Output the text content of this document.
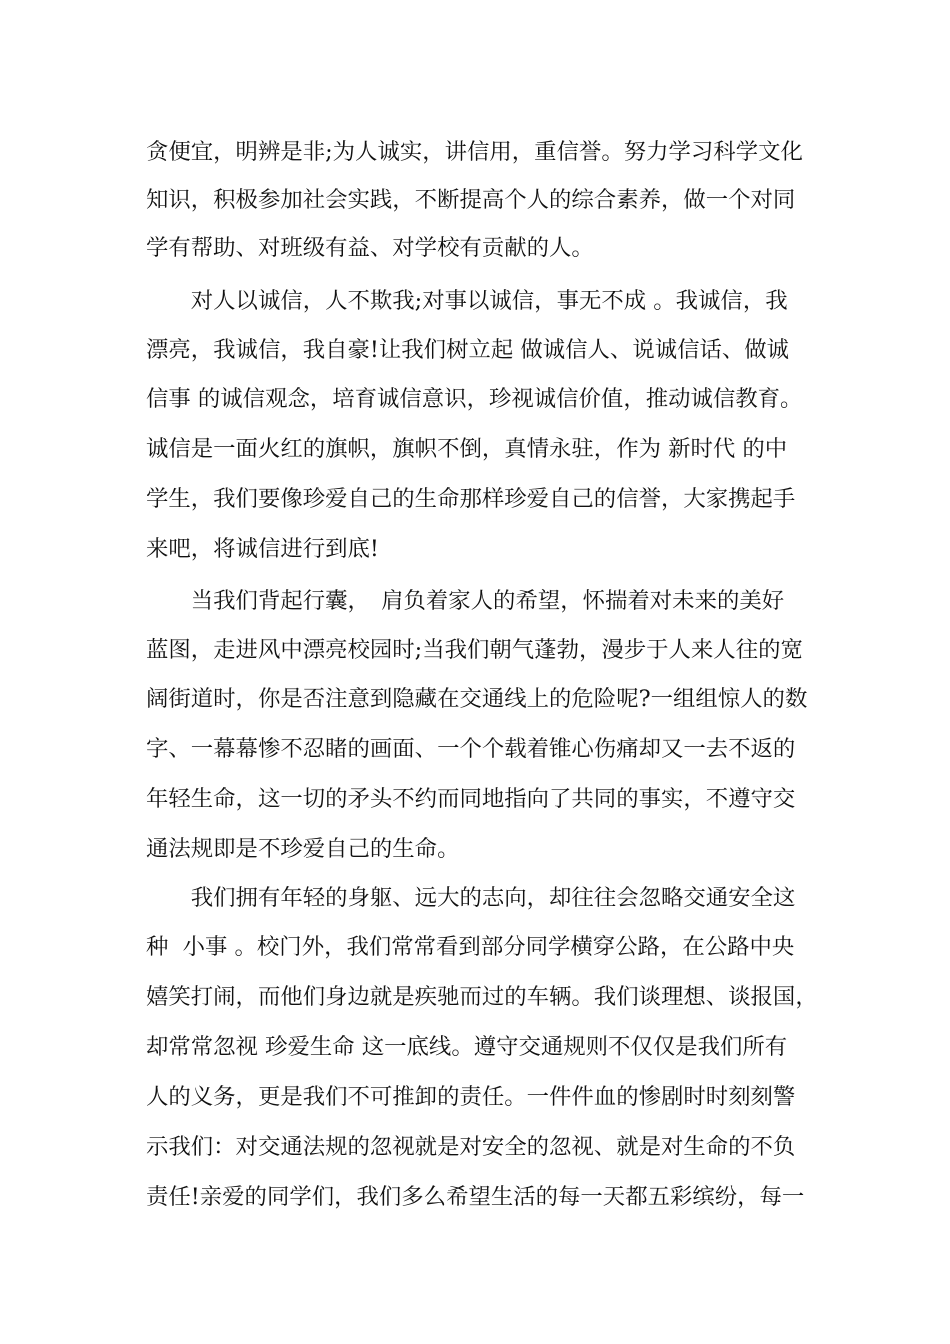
贪便宜，明辨是非;为人诚实，讲信用，重信誉。努力学习科学文化
知识，积极参加社会实践，不断提高个人的综合素养，做一个对同
学有帮助、对班级有益、对学校有贡献的人。
　　对人以诚信，人不欺我;对事以诚信，事无不成 。我诚信，我
漂亮，我诚信，我自豪!让我们树立起 做诚信人、说诚信话、做诚
信事 的诚信观念，培育诚信意识，珍视诚信价值，推动诚信教育。
诚信是一面火红的旗帜，旗帜不倒，真情永驻，作为 新时代 的中
学生，我们要像珍爱自己的生命那样珍爱自己的信誉，大家携起手
来吧，将诚信进行到底!
　　当我们背起行囊，　肩负着家人的希望，怀揣着对未来的美好
蓝图，走进风中漂亮校园时;当我们朝气蓬勃，漫步于人来人往的宽
阔街道时，你是否注意到隐藏在交通线上的危险呢?一组组惊人的数
字、一幕幕惨不忍睹的画面、一个个载着锥心伤痛却又一去不返的
年轻生命，这一切的矛头不约而同地指向了共同的事实，不遵守交
通法规即是不珍爱自己的生命。
　　我们拥有年轻的身躯、远大的志向，却往往会忽略交通安全这
种  小事 。校门外，我们常常看到部分同学横穿公路，在公路中央
嬉笑打闹，而他们身边就是疾驰而过的车辆。我们谈理想、谈报国，
却常常忽视 珍爱生命 这一底线。遵守交通规则不仅仅是我们所有
人的义务，更是我们不可推卸的责任。一件件血的惨剧时时刻刻警
示我们：对交通法规的忽视就是对安全的忽视、就是对生命的不负
责任!亲爱的同学们，我们多么希望生活的每一天都五彩缤纷，每一
